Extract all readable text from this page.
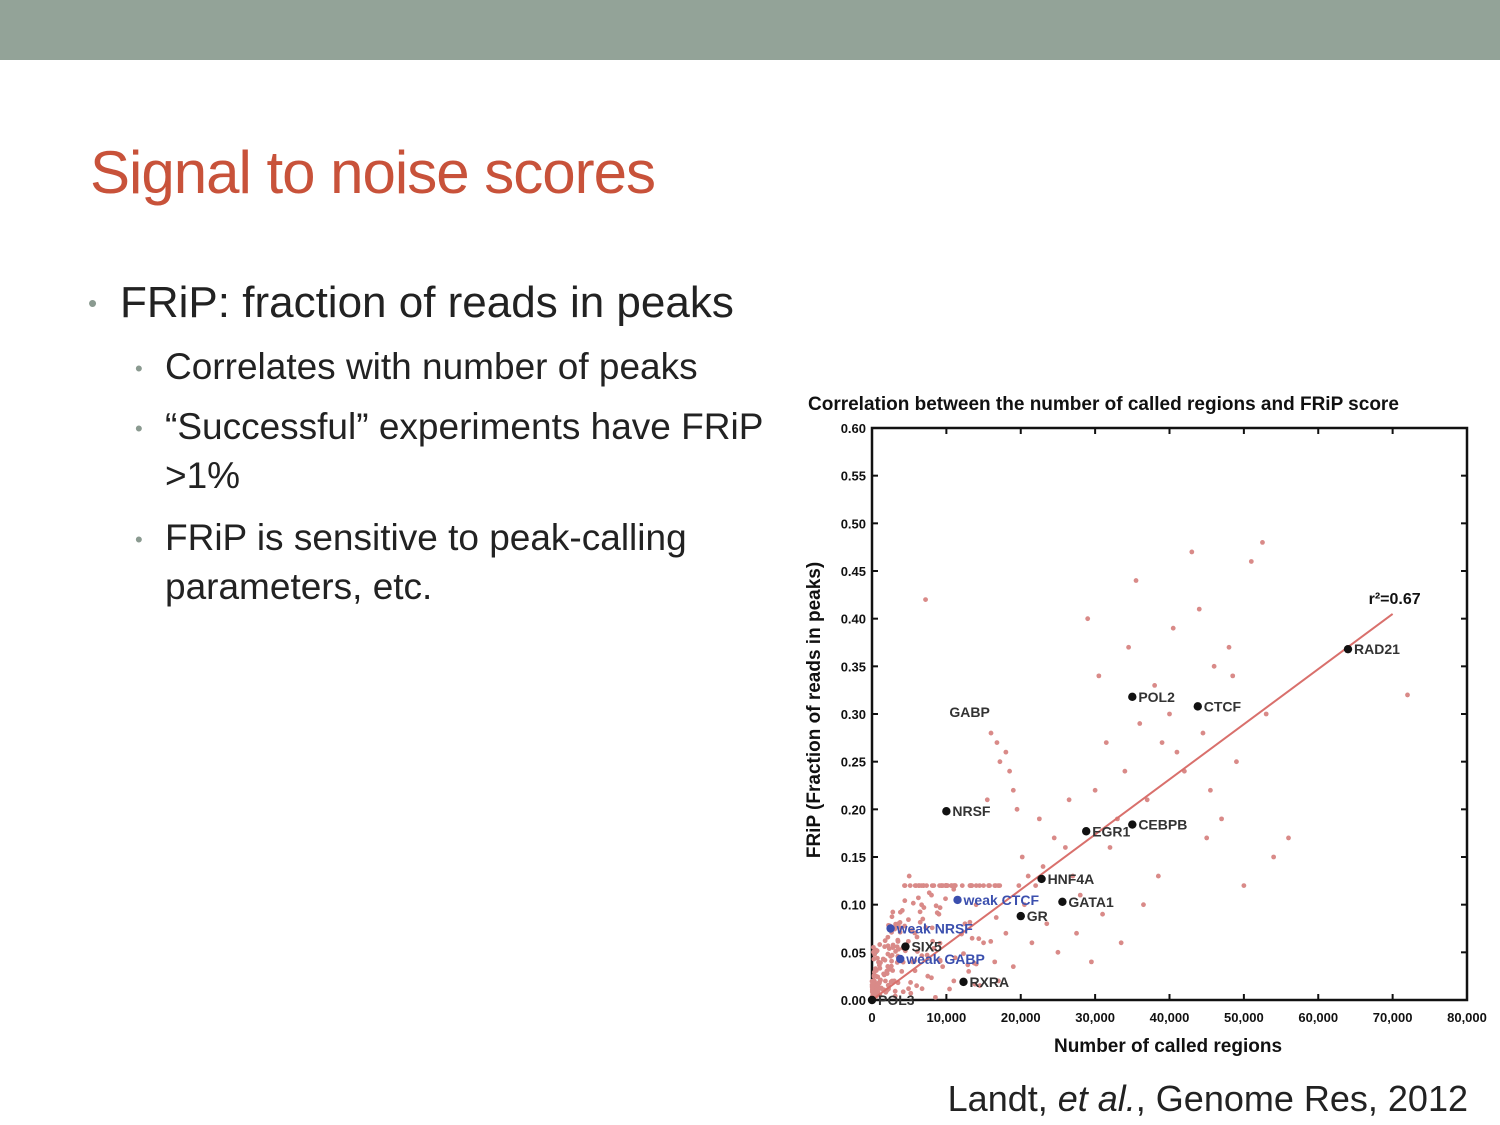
Signal to noise scores
• FRiP: fraction of reads in peaks
• Correlates with number of peaks
• “Successful” experiments have FRiP >1%
• FRiP is sensitive to peak-calling parameters, etc.
Correlation between the number of called regions and FRiP score
0	10,000	20,000	30,000	40,000	50,000	60,000	70,000	80,000
0.00
0.05
0.10
0.15
0.20
0.25
0.30
0.35
0.40
0.45
0.50
0.55
0.60
r²=0.67
RAD21
POL2
CTCF
GABP
NRSF
CEBPB
EGR1
HNF4A
GATA1
GR
SIX5
RXRA
POL3
weak CTCF
weak NRSF
weak GABP
Number of called regions
FRiP (Fraction of reads in peaks)
Landt, et al., Genome Res, 2012
